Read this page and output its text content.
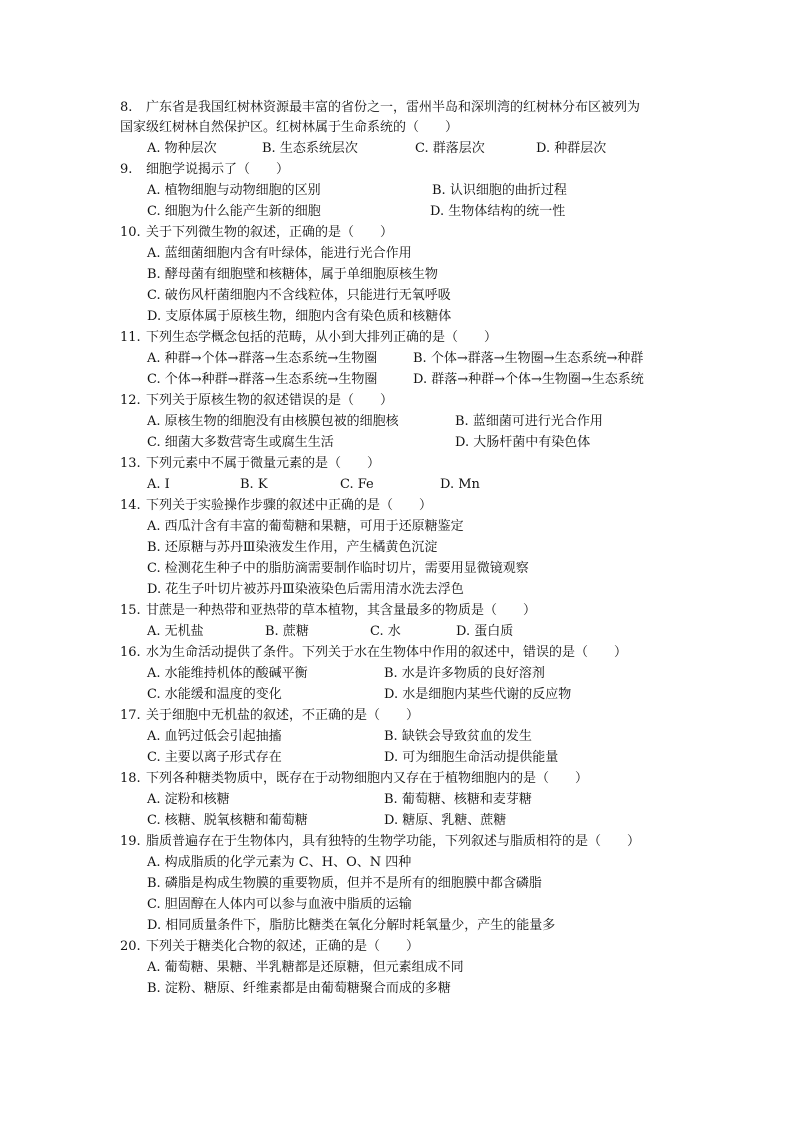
8. 广东省是我国红树林资源最丰富的省份之一，雷州半岛和深圳湾的红树林分布区被列为
国家级红树林自然保护区。红树林属于生命系统的（　　）
A. 物种层次	B. 生态系统层次	C. 群落层次	D. 种群层次
9. 细胞学说揭示了（　　）
A. 植物细胞与动物细胞的区别	B. 认识细胞的曲折过程
C. 细胞为什么能产生新的细胞	D. 生物体结构的统一性
10. 关于下列微生物的叙述，正确的是（　　）
A. 蓝细菌细胞内含有叶绿体，能进行光合作用
B. 酵母菌有细胞壁和核糖体，属于单细胞原核生物
C. 破伤风杆菌细胞内不含线粒体，只能进行无氧呼吸
D. 支原体属于原核生物，细胞内含有染色质和核糖体
11. 下列生态学概念包括的范畴，从小到大排列正确的是（　　）
A. 种群→个体→群落→生态系统→生物圈	B. 个体→群落→生物圈→生态系统→种群
C. 个体→种群→群落→生态系统→生物圈	D. 群落→种群→个体→生物圈→生态系统
12. 下列关于原核生物的叙述错误的是（　　）
A. 原核生物的细胞没有由核膜包被的细胞核	B. 蓝细菌可进行光合作用
C. 细菌大多数营寄生或腐生生活	D. 大肠杆菌中有染色体
13. 下列元素中不属于微量元素的是（　　）
A. I	B. K	C. Fe	D. Mn
14. 下列关于实验操作步骤的叙述中正确的是（　　）
A. 西瓜汁含有丰富的葡萄糖和果糖，可用于还原糖鉴定
B. 还原糖与苏丹Ⅲ染液发生作用，产生橘黄色沉淀
C. 检测花生种子中的脂肪滴需要制作临时切片，需要用显微镜观察
D. 花生子叶切片被苏丹Ⅲ染液染色后需用清水洗去浮色
15. 甘蔗是一种热带和亚热带的草本植物，其含量最多的物质是（　　）
A. 无机盐	B. 蔗糖	C. 水	D. 蛋白质
16. 水为生命活动提供了条件。下列关于水在生物体中作用的叙述中，错误的是（　　）
A. 水能维持机体的酸碱平衡	B. 水是许多物质的良好溶剂
C. 水能缓和温度的变化	D. 水是细胞内某些代谢的反应物
17. 关于细胞中无机盐的叙述，不正确的是（　　）
A. 血钙过低会引起抽搐	B. 缺铁会导致贫血的发生
C. 主要以离子形式存在	D. 可为细胞生命活动提供能量
18. 下列各种糖类物质中，既存在于动物细胞内又存在于植物细胞内的是（　　）
A. 淀粉和核糖	B. 葡萄糖、核糖和麦芽糖
C. 核糖、脱氧核糖和葡萄糖	D. 糖原、乳糖、蔗糖
19. 脂质普遍存在于生物体内，具有独特的生物学功能，下列叙述与脂质相符的是（　　）
A. 构成脂质的化学元素为 C、H、O、N 四种
B. 磷脂是构成生物膜的重要物质，但并不是所有的细胞膜中都含磷脂
C. 胆固醇在人体内可以参与血液中脂质的运输
D. 相同质量条件下，脂肪比糖类在氧化分解时耗氧量少，产生的能量多
20. 下列关于糖类化合物的叙述，正确的是（　　）
A. 葡萄糖、果糖、半乳糖都是还原糖，但元素组成不同
B. 淀粉、糖原、纤维素都是由葡萄糖聚合而成的多糖
